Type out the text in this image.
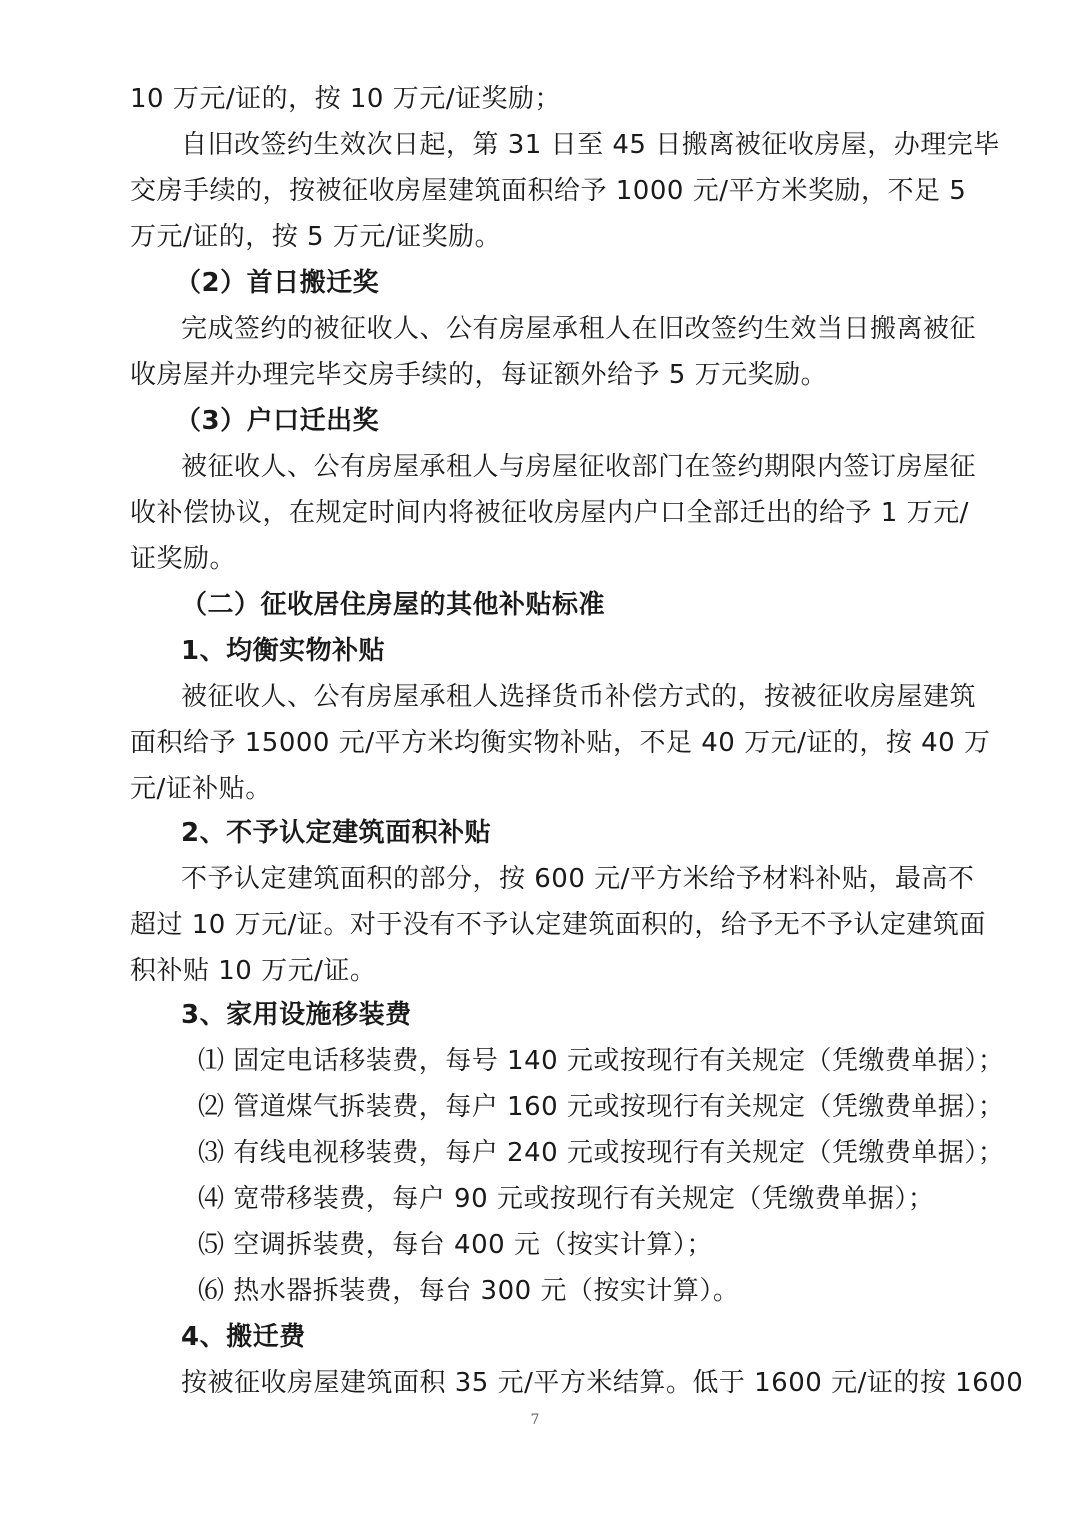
10 万元/证的，按 10 万元/证奖励；
自旧改签约生效次日起，第 31 日至 45 日搬离被征收房屋，办理完毕
交房手续的，按被征收房屋建筑面积给予 1000 元/平方米奖励，不足 5
万元/证的，按 5 万元/证奖励。
（2）首日搬迁奖
完成签约的被征收人、公有房屋承租人在旧改签约生效当日搬离被征
收房屋并办理完毕交房手续的，每证额外给予 5 万元奖励。
（3）户口迁出奖
被征收人、公有房屋承租人与房屋征收部门在签约期限内签订房屋征
收补偿协议，在规定时间内将被征收房屋内户口全部迁出的给予 1 万元/
证奖励。
（二）征收居住房屋的其他补贴标准
1、均衡实物补贴
被征收人、公有房屋承租人选择货币补偿方式的，按被征收房屋建筑
面积给予 15000 元/平方米均衡实物补贴，不足 40 万元/证的，按 40 万
元/证补贴。
2、不予认定建筑面积补贴
不予认定建筑面积的部分，按 600 元/平方米给予材料补贴，最高不
超过 10 万元/证。对于没有不予认定建筑面积的，给予无不予认定建筑面
积补贴 10 万元/证。
3、家用设施移装费
⑴ 固定电话移装费，每号 140 元或按现行有关规定（凭缴费单据）；
⑵ 管道煤气拆装费，每户 160 元或按现行有关规定（凭缴费单据）；
⑶ 有线电视移装费，每户 240 元或按现行有关规定（凭缴费单据）；
⑷ 宽带移装费，每户 90 元或按现行有关规定（凭缴费单据）；
⑸ 空调拆装费，每台 400 元（按实计算）；
⑹ 热水器拆装费，每台 300 元（按实计算）。
4、搬迁费
按被征收房屋建筑面积 35 元/平方米结算。低于 1600 元/证的按 1600
7
